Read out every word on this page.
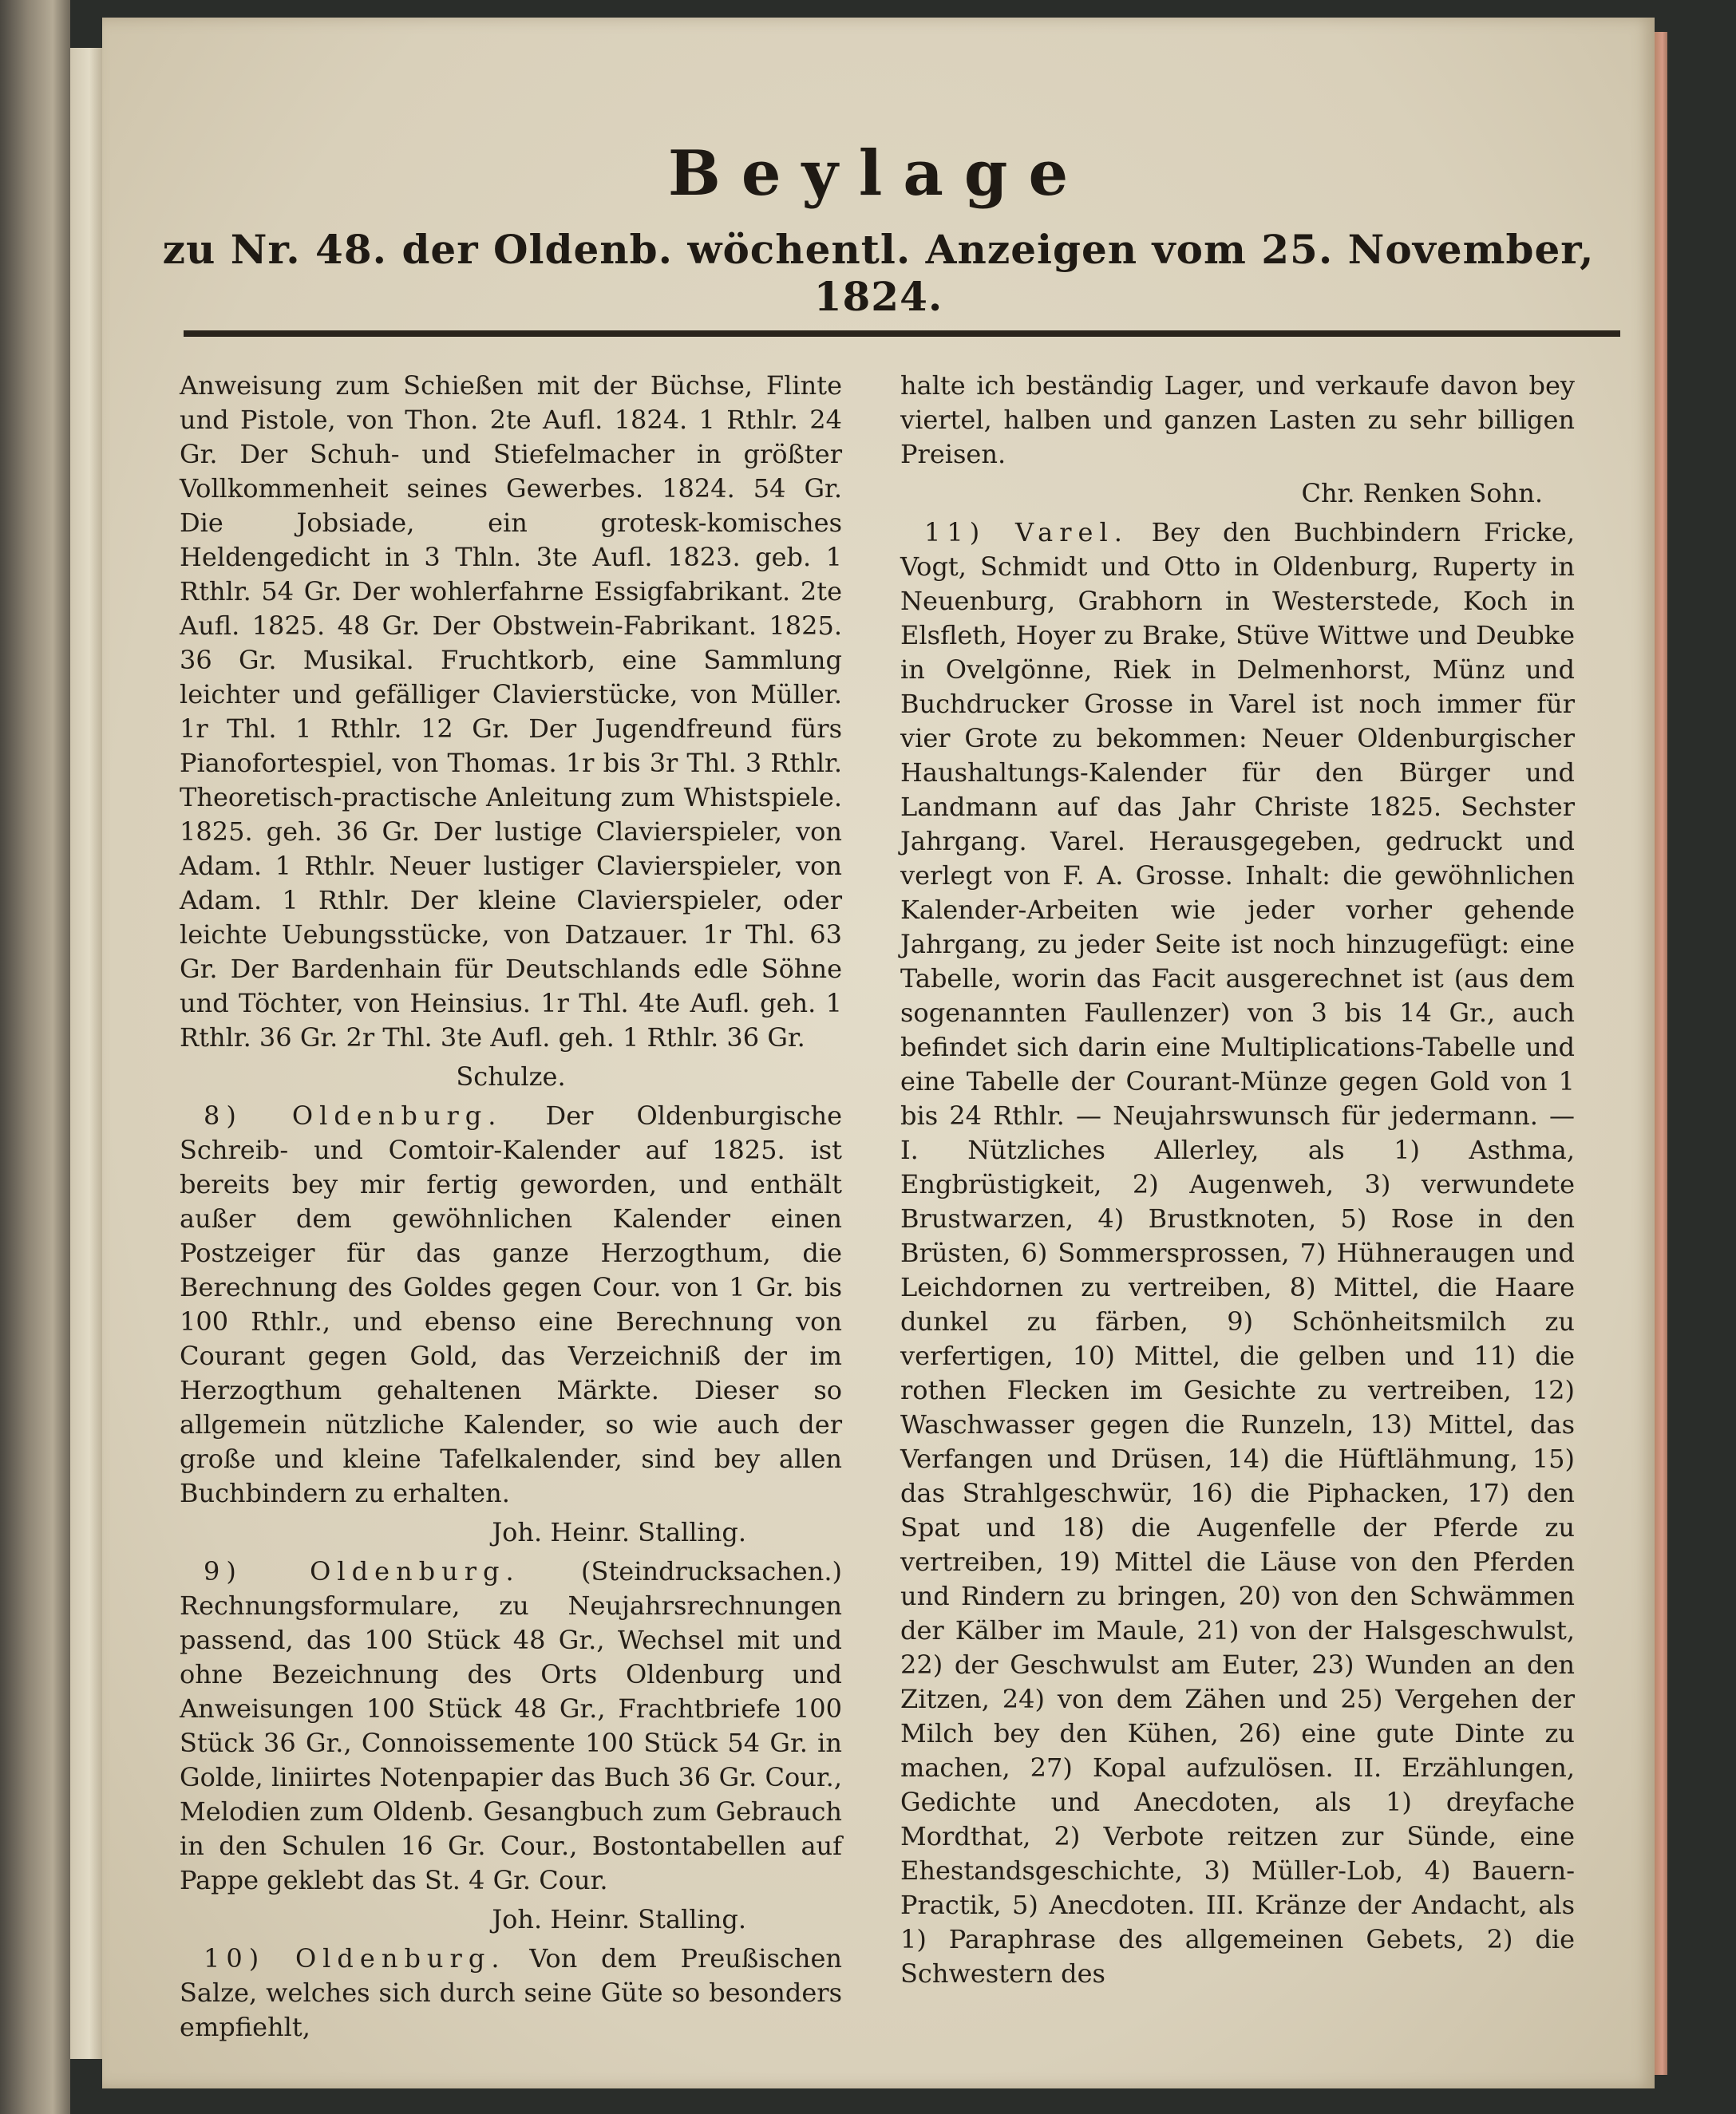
Beylage
zu Nr. 48. der Oldenb. wöchentl. Anzeigen vom 25. November, 1824.

Anweisung zum Schießen mit der Büchse, Flinte und Pistole, von Thon. 2te Aufl. 1824. 1 Rthlr. 24 Gr. Der Schuh- und Stiefelmacher in größter Vollkommenheit seines Gewerbes. 1824. 54 Gr. Die Jobsiade, ein grotesk-komisches Heldengedicht in 3 Thln. 3te Aufl. 1823. geb. 1 Rthlr. 54 Gr. Der wohlerfahrne Essigfabrikant. 2te Aufl. 1825. 48 Gr. Der Obstwein-Fabrikant. 1825. 36 Gr. Musikal. Fruchtkorb, eine Sammlung leichter und gefälliger Clavierstücke, von Müller. 1r Thl. 1 Rthlr. 12 Gr. Der Jugendfreund fürs Pianofortespiel, von Thomas. 1r bis 3r Thl. 3 Rthlr. Theoretisch-practische Anleitung zum Whistspiele. 1825. geh. 36 Gr. Der lustige Clavierspieler, von Adam. 1 Rthlr. Neuer lustiger Clavierspieler, von Adam. 1 Rthlr. Der kleine Clavierspieler, oder leichte Uebungsstücke, von Datzauer. 1r Thl. 63 Gr. Der Bardenhain für Deutschlands edle Söhne und Töchter, von Heinsius. 1r Thl. 4te Aufl. geh. 1 Rthlr. 36 Gr. 2r Thl. 3te Aufl. geh. 1 Rthlr. 36 Gr.

Schulze.

8) Oldenburg. Der Oldenburgische Schreib- und Comtoir-Kalender auf 1825. ist bereits bey mir fertig geworden, und enthält außer dem gewöhnlichen Kalender einen Postzeiger für das ganze Herzogthum, die Berechnung des Goldes gegen Cour. von 1 Gr. bis 100 Rthlr., und ebenso eine Berechnung von Courant gegen Gold, das Verzeichniß der im Herzogthum gehaltenen Märkte. Dieser so allgemein nützliche Kalender, so wie auch der große und kleine Tafelkalender, sind bey allen Buchbindern zu erhalten.

Joh. Heinr. Stalling.

9) Oldenburg. (Steindrucksachen.) Rechnungsformulare, zu Neujahrsrechnungen passend, das 100 Stück 48 Gr., Wechsel mit und ohne Bezeichnung des Orts Oldenburg und Anweisungen 100 Stück 48 Gr., Frachtbriefe 100 Stück 36 Gr., Connoissemente 100 Stück 54 Gr. in Golde, liniirtes Notenpapier das Buch 36 Gr. Cour., Melodien zum Oldenb. Gesangbuch zum Gebrauch in den Schulen 16 Gr. Cour., Bostontabellen auf Pappe geklebt das St. 4 Gr. Cour.

Joh. Heinr. Stalling.

10) Oldenburg. Von dem Preußischen Salze, welches sich durch seine Güte so besonders empfiehlt,

halte ich beständig Lager, und verkaufe davon bey viertel, halben und ganzen Lasten zu sehr billigen Preisen.

Chr. Renken Sohn.

11) Varel. Bey den Buchbindern Fricke, Vogt, Schmidt und Otto in Oldenburg, Ruperty in Neuenburg, Grabhorn in Westerstede, Koch in Elsfleth, Hoyer zu Brake, Stüve Wittwe und Deubke in Ovelgönne, Riek in Delmenhorst, Münz und Buchdrucker Grosse in Varel ist noch immer für vier Grote zu bekommen: Neuer Oldenburgischer Haushaltungs-Kalender für den Bürger und Landmann auf das Jahr Christe 1825. Sechster Jahrgang. Varel. Herausgegeben, gedruckt und verlegt von F. A. Grosse. Inhalt: die gewöhnlichen Kalender-Arbeiten wie jeder vorher gehende Jahrgang, zu jeder Seite ist noch hinzugefügt: eine Tabelle, worin das Facit ausgerechnet ist (aus dem sogenannten Faullenzer) von 3 bis 14 Gr., auch befindet sich darin eine Multiplications-Tabelle und eine Tabelle der Courant-Münze gegen Gold von 1 bis 24 Rthlr. — Neujahrswunsch für jedermann. — I. Nützliches Allerley, als 1) Asthma, Engbrüstigkeit, 2) Augenweh, 3) verwundete Brustwarzen, 4) Brustknoten, 5) Rose in den Brüsten, 6) Sommersprossen, 7) Hühneraugen und Leichdornen zu vertreiben, 8) Mittel, die Haare dunkel zu färben, 9) Schönheitsmilch zu verfertigen, 10) Mittel, die gelben und 11) die rothen Flecken im Gesichte zu vertreiben, 12) Waschwasser gegen die Runzeln, 13) Mittel, das Verfangen und Drüsen, 14) die Hüftlähmung, 15) das Strahlgeschwür, 16) die Piphacken, 17) den Spat und 18) die Augenfelle der Pferde zu vertreiben, 19) Mittel die Läuse von den Pferden und Rindern zu bringen, 20) von den Schwämmen der Kälber im Maule, 21) von der Halsgeschwulst, 22) der Geschwulst am Euter, 23) Wunden an den Zitzen, 24) von dem Zähen und 25) Vergehen der Milch bey den Kühen, 26) eine gute Dinte zu machen, 27) Kopal aufzulösen. II. Erzählungen, Gedichte und Anecdoten, als 1) dreyfache Mordthat, 2) Verbote reitzen zur Sünde, eine Ehestandsgeschichte, 3) Müller-Lob, 4) Bauern-Practik, 5) Anecdoten. III. Kränze der Andacht, als 1) Paraphrase des allgemeinen Gebets, 2) die Schwestern des
